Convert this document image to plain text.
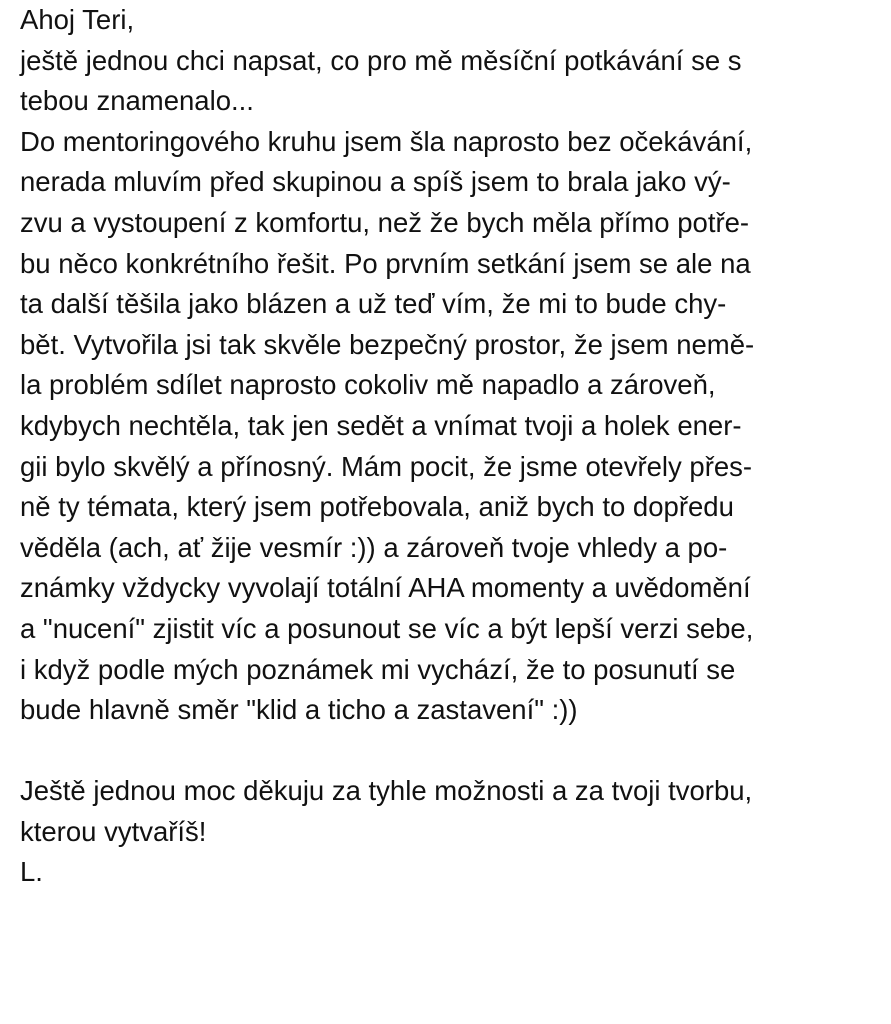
Ahoj Teri,
ještě jednou chci napsat, co pro mě měsíční potkávání se s
tebou znamenalo...
Do mentoringového kruhu jsem šla naprosto bez očekávání,
nerada mluvím před skupinou a spíš jsem to brala jako vý-
zvu a vystoupení z komfortu, než že bych měla přímo potře-
bu něco konkrétního řešit. Po prvním setkání jsem se ale na
ta další těšila jako blázen a už teď vím, že mi to bude chy-
bět. Vytvořila jsi tak skvěle bezpečný prostor, že jsem nemě-
la problém sdílet naprosto cokoliv mě napadlo a zároveň,
kdybych nechtěla, tak jen sedět a vnímat tvoji a holek ener-
gii bylo skvělý a přínosný. Mám pocit, že jsme otevřely přes-
ně ty témata, který jsem potřebovala, aniž bych to dopředu
věděla (ach, ať žije vesmír :)) a zároveň tvoje vhledy a po-
známky vždycky vyvolají totální AHA momenty a uvědomění
a "nucení" zjistit víc a posunout se víc a být lepší verzi sebe,
i když podle mých poznámek mi vychází, že to posunutí se
bude hlavně směr "klid a ticho a zastavení" :))
Ještě jednou moc děkuju za tyhle možnosti a za tvoji tvorbu,
kterou vytvaříš!
L.
